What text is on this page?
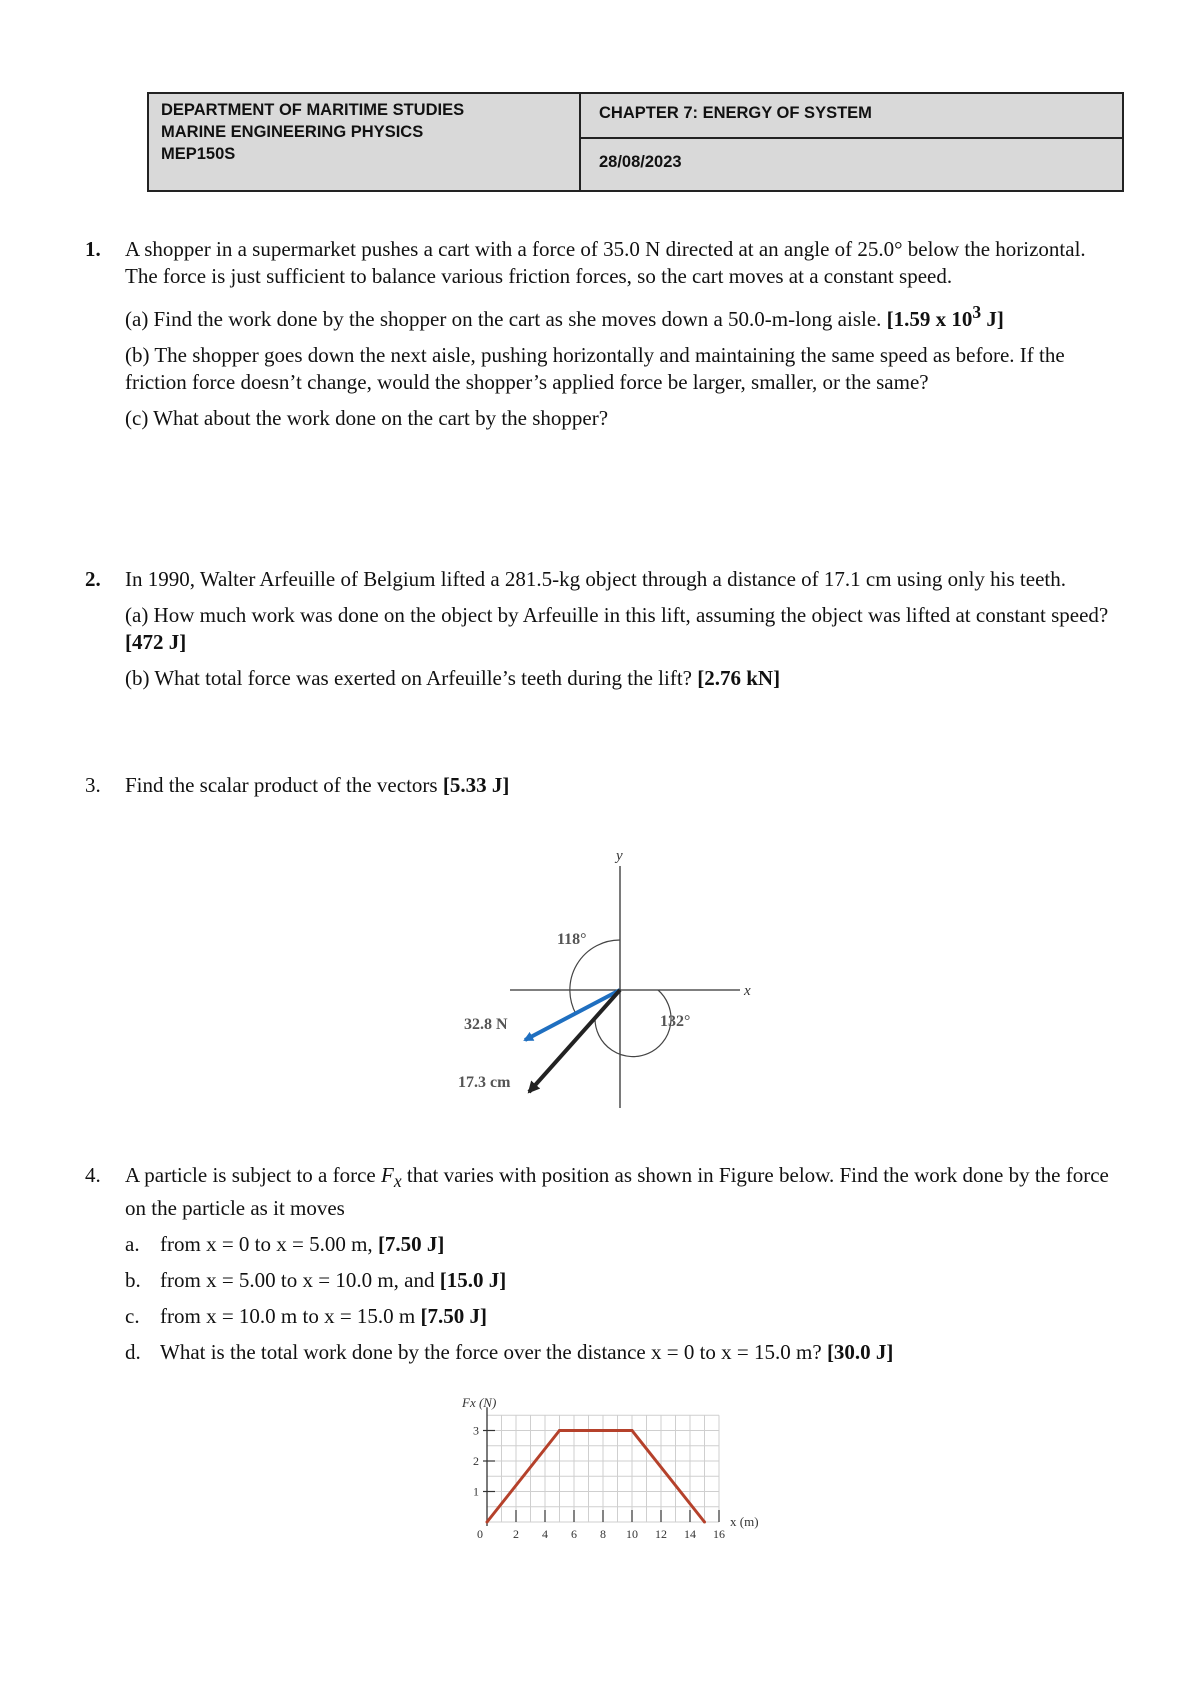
DEPARTMENT OF MARITIME STUDIES
MARINE ENGINEERING PHYSICS
MEP150S
CHAPTER 7: ENERGY OF SYSTEM
28/08/2023
1. A shopper in a supermarket pushes a cart with a force of 35.0 N directed at an angle of 25.0° below the horizontal. The force is just sufficient to balance various friction forces, so the cart moves at a constant speed.
(a) Find the work done by the shopper on the cart as she moves down a 50.0-m-long aisle. [1.59 x $10^3$ J]
(b) The shopper goes down the next aisle, pushing horizontally and maintaining the same speed as before. If the friction force doesn’t change, would the shopper’s applied force be larger, smaller, or the same?
(c) What about the work done on the cart by the shopper?
2. In 1990, Walter Arfeuille of Belgium lifted a 281.5-kg object through a distance of 17.1 cm using only his teeth.
(a) How much work was done on the object by Arfeuille in this lift, assuming the object was lifted at constant speed? [472 J]
(b) What total force was exerted on Arfeuille’s teeth during the lift? [2.76 kN]
3. Find the scalar product of the vectors [5.33 J]
y
x
118°
132°
32.8 N
17.3 cm
4. A particle is subject to a force $F_x$ that varies with position as shown in Figure below. Find the work done by the force on the particle as it moves
a. from x = 0 to x = 5.00 m, [7.50 J]
b. from x = 5.00 to x = 10.0 m, and [15.0 J]
c. from x = 10.0 m to x = 15.0 m [7.50 J]
d. What is the total work done by the force over the distance x = 0 to x = 15.0 m? [30.0 J]
1
2
3
0	2 4 6 8 10 12 14 16
Fx (N)
x (m)
